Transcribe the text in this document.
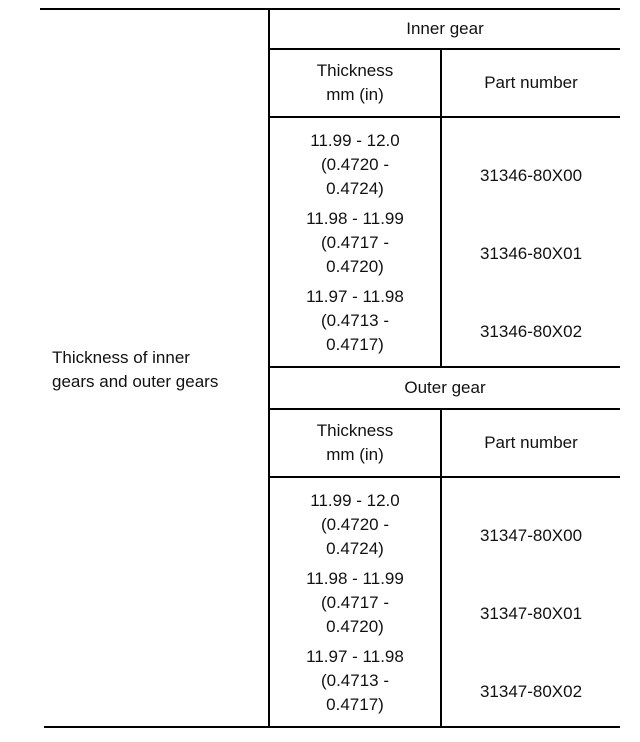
Thickness of inner
gears and outer gears
Inner gear
Thickness
mm (in)
Part number
11.99 - 12.0
(0.4720 -
0.4724)
31346-80X00
11.98 - 11.99
(0.4717 -
0.4720)
31346-80X01
11.97 - 11.98
(0.4713 -
0.4717)
31346-80X02
Outer gear
Thickness
mm (in)
Part number
11.99 - 12.0
(0.4720 -
0.4724)
31347-80X00
11.98 - 11.99
(0.4717 -
0.4720)
31347-80X01
11.97 - 11.98
(0.4713 -
0.4717)
31347-80X02
